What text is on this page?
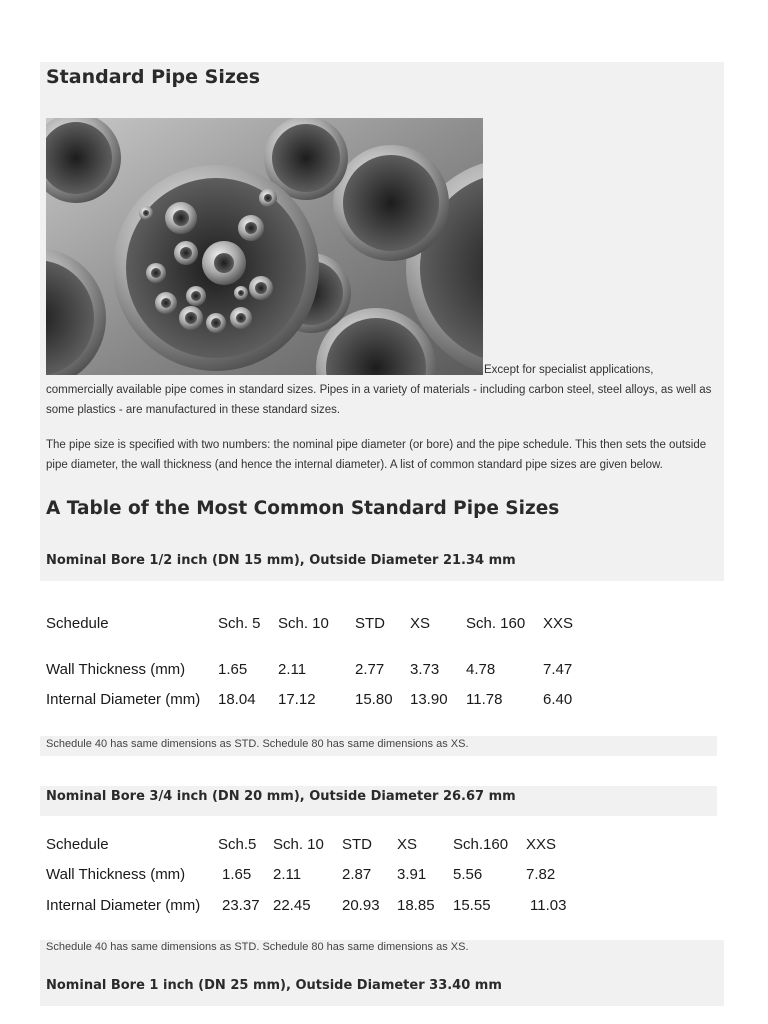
Standard Pipe Sizes
Except for specialist applications,
commercially available pipe comes in standard sizes. Pipes in a variety of materials - including carbon steel, steel alloys, as well as
some plastics - are manufactured in these standard sizes.
The pipe size is specified with two numbers: the nominal pipe diameter (or bore) and the pipe schedule. This then sets the outside
pipe diameter, the wall thickness (and hence the internal diameter). A list of common standard pipe sizes are given below.
A Table of the Most Common Standard Pipe Sizes
Nominal Bore 1/2 inch (DN 15 mm), Outside Diameter 21.34 mm
Schedule	Sch. 5 Sch. 10 STD XS Sch. 160 XXS
Wall Thickness (mm) 1.65 2.11	2.77 3.73 4.78	7.47
Internal Diameter (mm) 18.04 17.12	15.80 13.90 11.78	6.40
Schedule 40 has same dimensions as STD. Schedule 80 has same dimensions as XS.
Nominal Bore 3/4 inch (DN 20 mm), Outside Diameter 26.67 mm
Schedule	Sch.5 Sch. 10 STD XS Sch.160 XXS
Wall Thickness (mm) 1.65 2.11	2.87 3.91 5.56	7.82
Internal Diameter (mm) 23.37 22.45 20.93 18.85 15.55	11.03
Schedule 40 has same dimensions as STD. Schedule 80 has same dimensions as XS.
Nominal Bore 1 inch (DN 25 mm), Outside Diameter 33.40 mm
